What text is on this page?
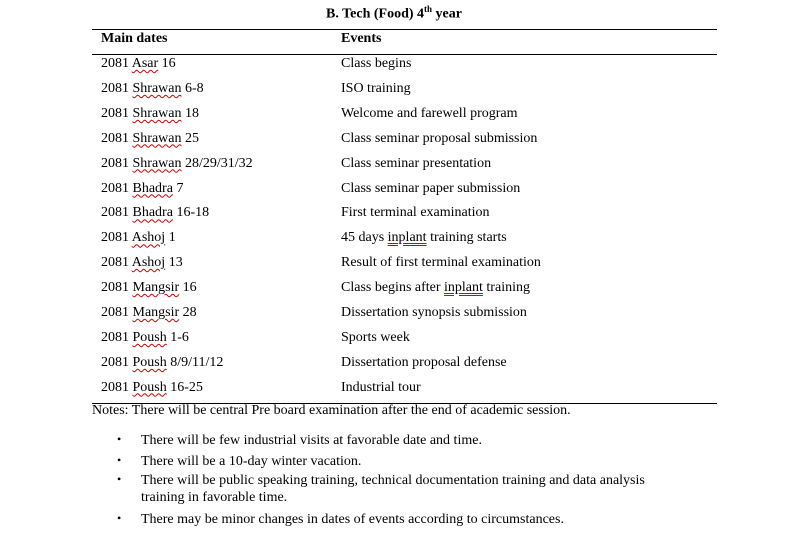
B. Tech (Food) 4th year
Main dates	Events
2081 Asar 16	Class begins
2081 Shrawan 6-8	ISO training
2081 Shrawan 18	Welcome and farewell program
2081 Shrawan 25	Class seminar proposal submission
2081 Shrawan 28/29/31/32	Class seminar presentation
2081 Bhadra 7	Class seminar paper submission
2081 Bhadra 16-18	First terminal examination
2081 Ashoj 1	45 days inplant training starts
2081 Ashoj 13	Result of first terminal examination
2081 Mangsir 16	Class begins after inplant training
2081 Mangsir 28	Dissertation synopsis submission
2081 Poush 1-6	Sports week
2081 Poush 8/9/11/12	Dissertation proposal defense
2081 Poush 16-25	Industrial tour
Notes: There will be central Pre board examination after the end of academic session.
• There will be few industrial visits at favorable date and time.
• There will be a 10-day winter vacation.
• There will be public speaking training, technical documentation training and data analysis training in favorable time.
• There may be minor changes in dates of events according to circumstances.
